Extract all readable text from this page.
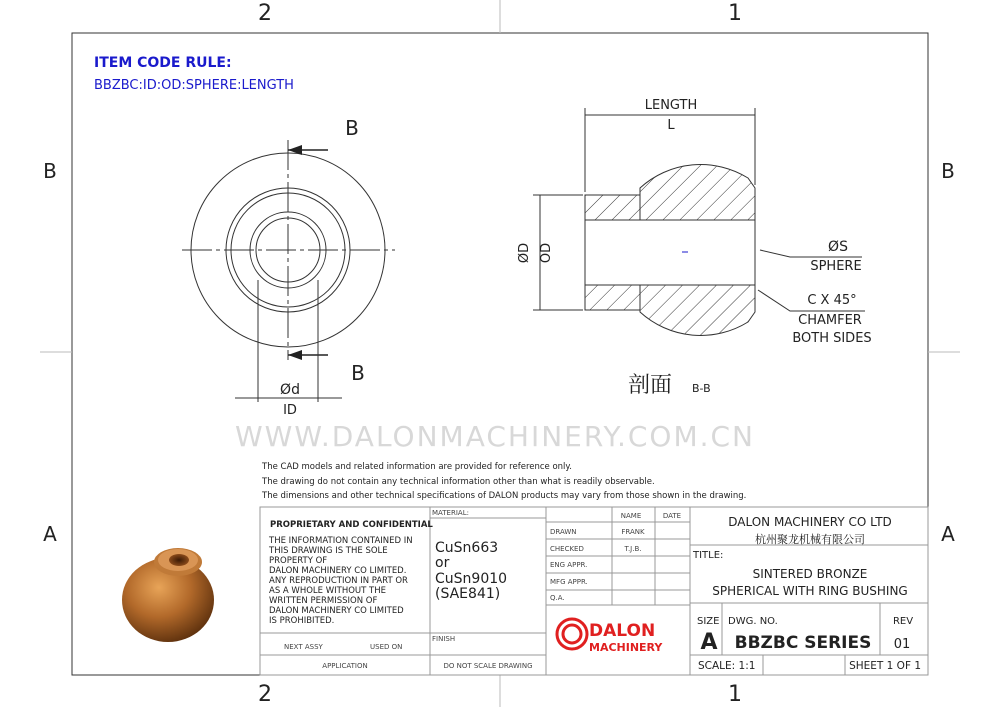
2	1
2	1
B	B
A	A
ITEM CODE RULE:
BBZBC:ID:OD:SPHERE:LENGTH
B
B
Ød
ID
LENGTH
L
ØD OD	ØS
SPHERE
C X 45°
CHAMFER
BOTH SIDES
剖面 B-B
WWW.DALONMACHINERY.COM.CN
The CAD models and related information are provided for reference only.
The drawing do not contain any technical information other than what is readily observable.
The dimensions and other technical specifications of DALON products may vary from those shown in the drawing.
PROPRIETARY AND CONFIDENTIAL
THE INFORMATION CONTAINED IN
THIS DRAWING IS THE SOLE
PROPERTY OF
DALON MACHINERY CO LIMITED.
ANY REPRODUCTION IN PART OR
AS A WHOLE WITHOUT THE
WRITTEN PERMISSION OF
DALON MACHINERY CO LIMITED
IS PROHIBITED.
NEXT ASSY	USED ON
APPLICATION
MATERIAL:
CuSn663
or
CuSn9010
(SAE841)
FINISH
DO NOT SCALE DRAWING
NAME	DATE
DRAWN	FRANK
CHECKED	T.J.B.
ENG APPR.
MFG APPR.
Q.A.
DALON
MACHINERY
DALON MACHINERY CO LTD
杭州聚龙机械有限公司
TITLE:
SINTERED BRONZE
SPHERICAL WITH RING BUSHING
SIZE
A
DWG. NO.
BBZBC SERIES
REV
01
SCALE: 1:1	SHEET 1 OF 1
